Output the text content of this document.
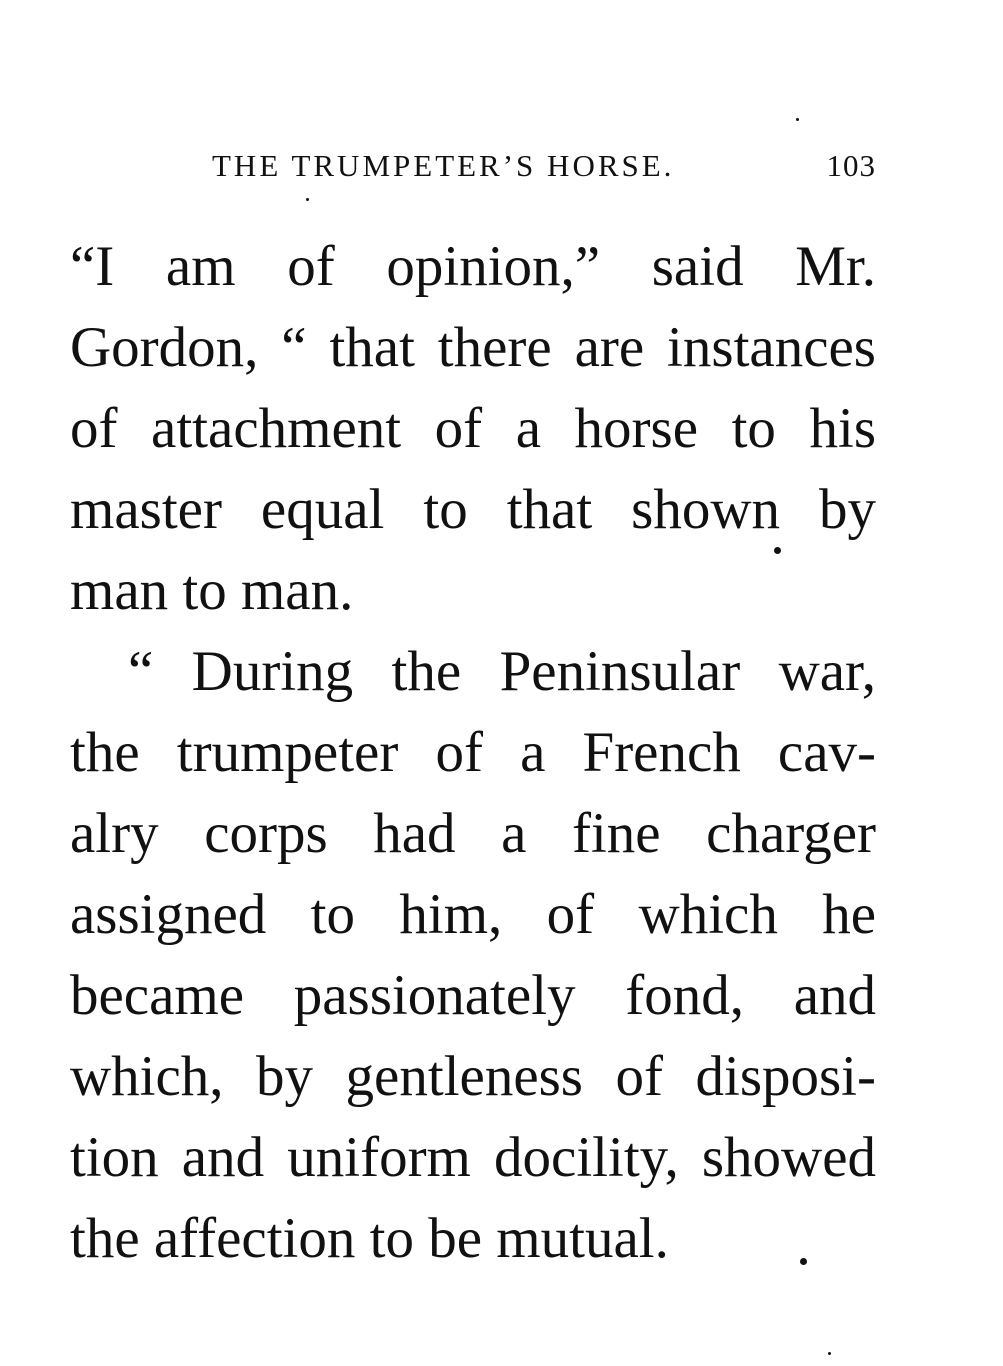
THE TRUMPETER’S HORSE.	103
“I am of opinion,” said Mr.
Gordon, “ that there are instances
of attachment of a horse to his
master equal to that shown by
man to man.
“ During the Peninsular war,
the trumpeter of a French cav-
alry corps had a fine charger
assigned to him, of which he
became passionately fond, and
which, by gentleness of disposi-
tion and uniform docility, showed
the affection to be mutual.
